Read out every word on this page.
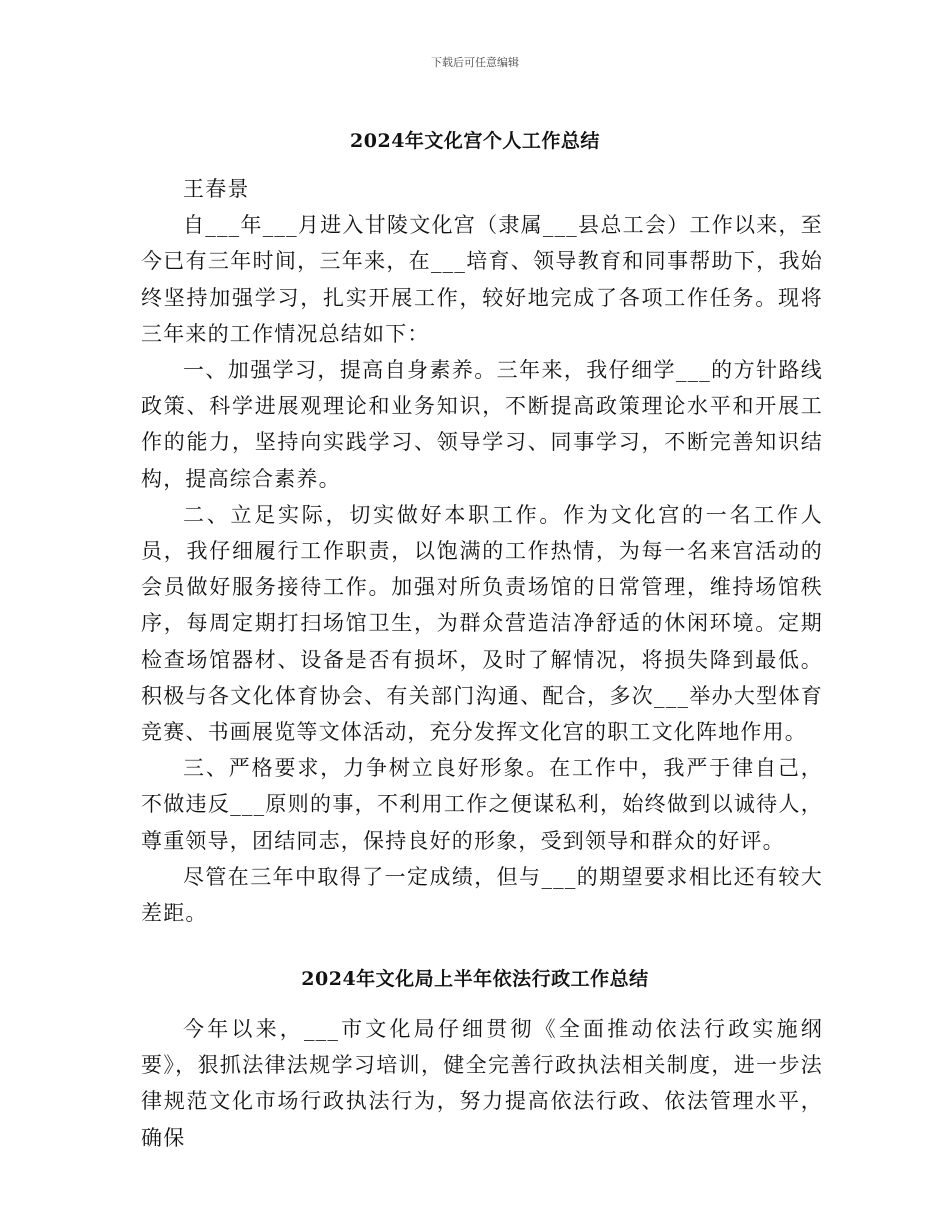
下载后可任意编辑
2024年文化宫个人工作总结

王春景

自___年___月进入甘陵文化宫（隶属___县总工会）工作以来，至今已有三年时间，三年来，在___培育、领导教育和同事帮助下，我始终坚持加强学习，扎实开展工作，较好地完成了各项工作任务。现将三年来的工作情况总结如下：

一、加强学习，提高自身素养。三年来，我仔细学___的方针路线政策、科学进展观理论和业务知识，不断提高政策理论水平和开展工作的能力，坚持向实践学习、领导学习、同事学习，不断完善知识结构，提高综合素养。

二、立足实际，切实做好本职工作。作为文化宫的一名工作人员，我仔细履行工作职责，以饱满的工作热情，为每一名来宫活动的会员做好服务接待工作。加强对所负责场馆的日常管理，维持场馆秩序，每周定期打扫场馆卫生，为群众营造洁净舒适的休闲环境。定期检查场馆器材、设备是否有损坏，及时了解情况，将损失降到最低。积极与各文化体育协会、有关部门沟通、配合，多次___举办大型体育竞赛、书画展览等文体活动，充分发挥文化宫的职工文化阵地作用。

三、严格要求，力争树立良好形象。在工作中，我严于律自己，不做违反___原则的事，不利用工作之便谋私利，始终做到以诚待人，尊重领导，团结同志，保持良好的形象，受到领导和群众的好评。

尽管在三年中取得了一定成绩，但与___的期望要求相比还有较大差距。

2024年文化局上半年依法行政工作总结

今年以来，___市文化局仔细贯彻《全面推动依法行政实施纲要》，狠抓法律法规学习培训，健全完善行政执法相关制度，进一步法律规范文化市场行政执法行为，努力提高依法行政、依法管理水平，确保
